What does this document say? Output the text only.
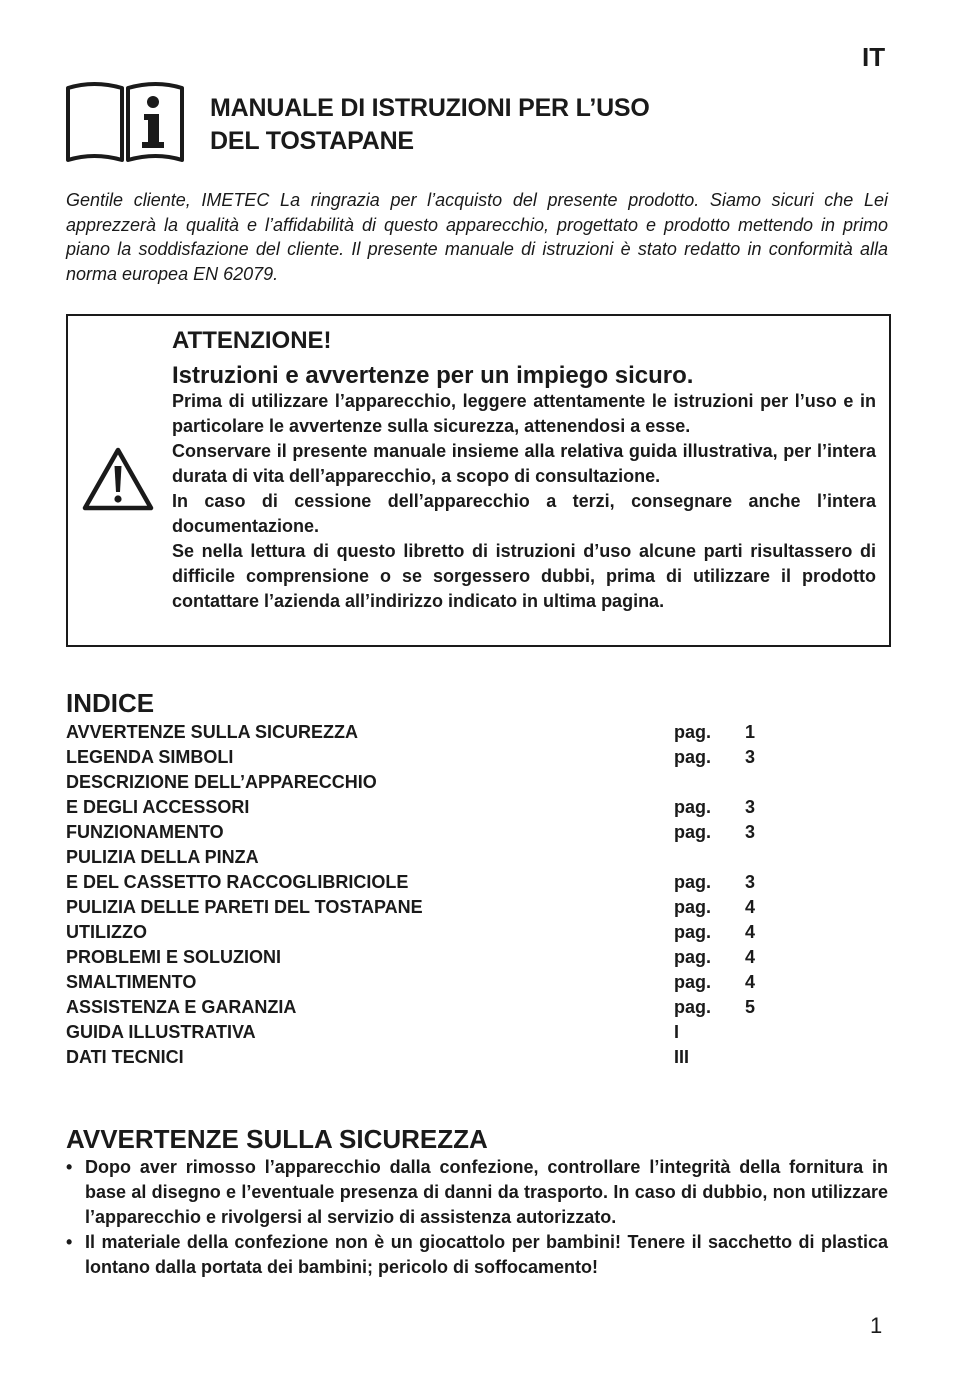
IT
MANUALE DI ISTRUZIONI PER L’USO
DEL TOSTAPANE
Gentile cliente, IMETEC La ringrazia per l’acquisto del presente prodotto. Siamo sicuri che Lei apprezzerà la qualità e l’affidabilità di questo apparecchio, progettato e prodotto mettendo in primo piano la soddisfazione del cliente. Il presente manuale di istruzioni è stato redatto in conformità alla norma europea EN 62079.
ATTENZIONE!
Istruzioni e avvertenze per un impiego sicuro.

Prima di utilizzare l’apparecchio, leggere attentamente le istruzioni per l’uso e in particolare le avvertenze sulla sicurezza, attenendosi a esse.

Conservare il presente manuale insieme alla relativa guida illustrativa, per l’intera durata di vita dell’apparecchio, a scopo di consultazione.

In caso di cessione dell’apparecchio a terzi, consegnare anche l’intera documentazione.

Se nella lettura di questo libretto di istruzioni d’uso alcune parti risultassero di difficile comprensione o se sorgessero dubbi, prima di utilizzare il prodotto contattare l’azienda all’indirizzo indicato in ultima pagina.

INDICE
AVVERTENZE SULLA SICUREZZA	pag. 1
LEGENDA SIMBOLI	pag. 3
DESCRIZIONE DELL’APPARECCHIO
E DEGLI ACCESSORI	pag. 3
FUNZIONAMENTO	pag. 3
PULIZIA DELLA PINZA
E DEL CASSETTO RACCOGLIBRICIOLE	pag. 3
PULIZIA DELLE PARETI DEL TOSTAPANE	pag. 4
UTILIZZO	pag. 4
PROBLEMI E SOLUZIONI	pag. 4
SMALTIMENTO	pag. 4
ASSISTENZA E GARANZIA	pag. 5
GUIDA ILLUSTRATIVA	I
DATI TECNICI	III
AVVERTENZE SULLA SICUREZZA
• Dopo aver rimosso l’apparecchio dalla confezione, controllare l’integrità della fornitura in base al disegno e l’eventuale presenza di danni da trasporto. In caso di dubbio, non utilizzare l’apparecchio e rivolgersi al servizio di assistenza autorizzato.
• Il materiale della confezione non è un giocattolo per bambini! Tenere il sacchetto di plastica lontano dalla portata dei bambini; pericolo di soffocamento!
1
